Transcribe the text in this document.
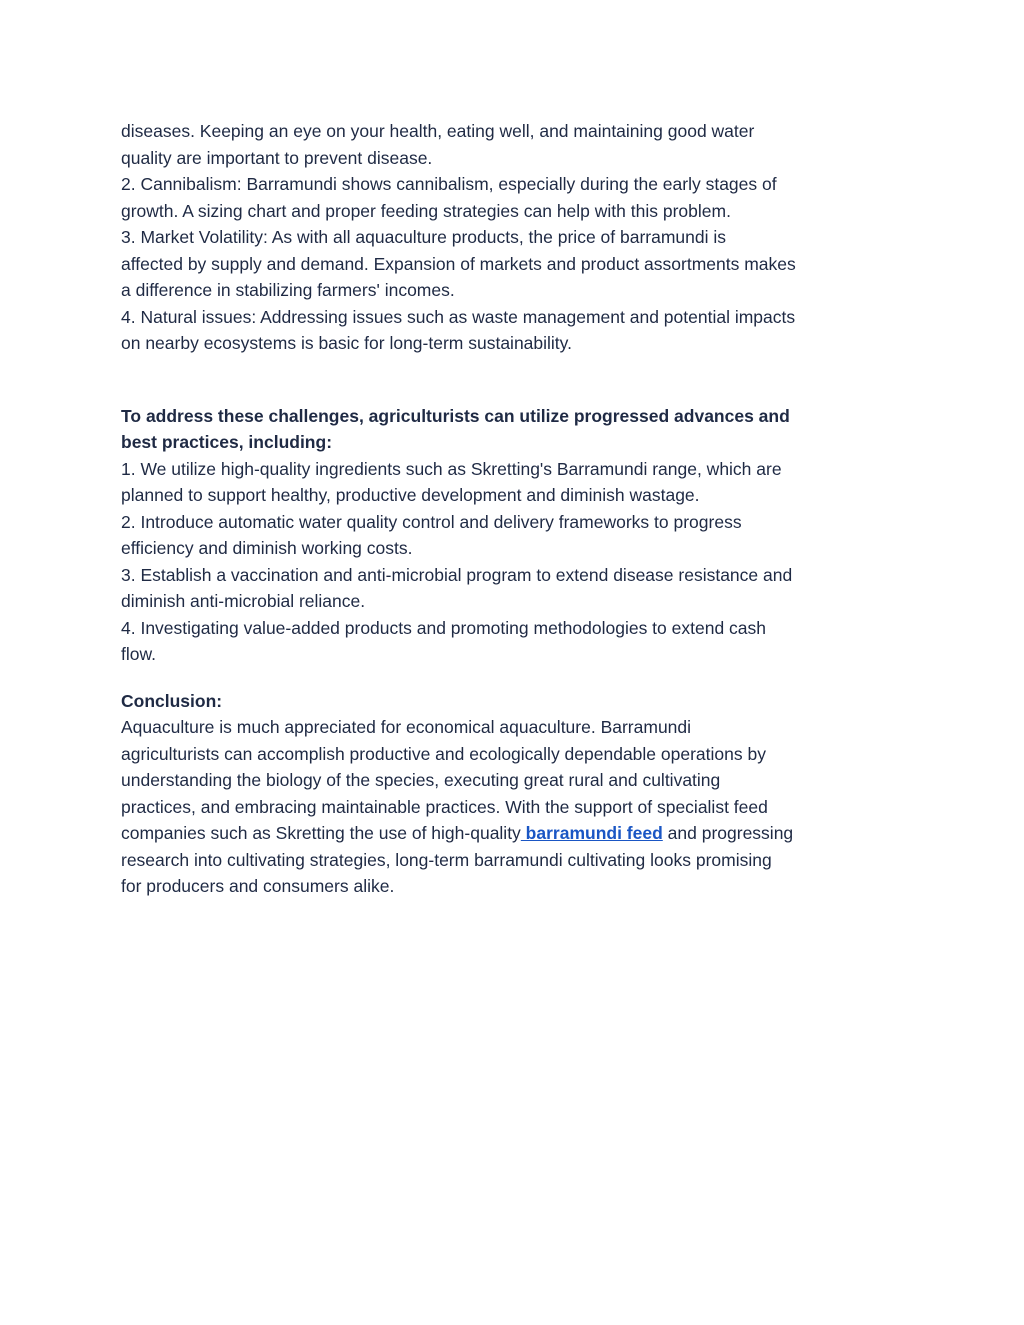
diseases. Keeping an eye on your health, eating well, and maintaining good water
quality are important to prevent disease.
2. Cannibalism: Barramundi shows cannibalism, especially during the early stages of
growth. A sizing chart and proper feeding strategies can help with this problem.
3. Market Volatility: As with all aquaculture products, the price of barramundi is
affected by supply and demand. Expansion of markets and product assortments makes
a difference in stabilizing farmers' incomes.
4. Natural issues: Addressing issues such as waste management and potential impacts
on nearby ecosystems is basic for long-term sustainability.
To address these challenges, agriculturists can utilize progressed advances and
best practices, including:
1. We utilize high-quality ingredients such as Skretting's Barramundi range, which are
planned to support healthy, productive development and diminish wastage.
2. Introduce automatic water quality control and delivery frameworks to progress
efficiency and diminish working costs.
3. Establish a vaccination and anti-microbial program to extend disease resistance and
diminish anti-microbial reliance.
4. Investigating value-added products and promoting methodologies to extend cash
flow.
Conclusion:
Aquaculture is much appreciated for economical aquaculture. Barramundi
agriculturists can accomplish productive and ecologically dependable operations by
understanding the biology of the species, executing great rural and cultivating
practices, and embracing maintainable practices. With the support of specialist feed
companies such as Skretting the use of high-quality barramundi feed and progressing
research into cultivating strategies, long-term barramundi cultivating looks promising
for producers and consumers alike.
